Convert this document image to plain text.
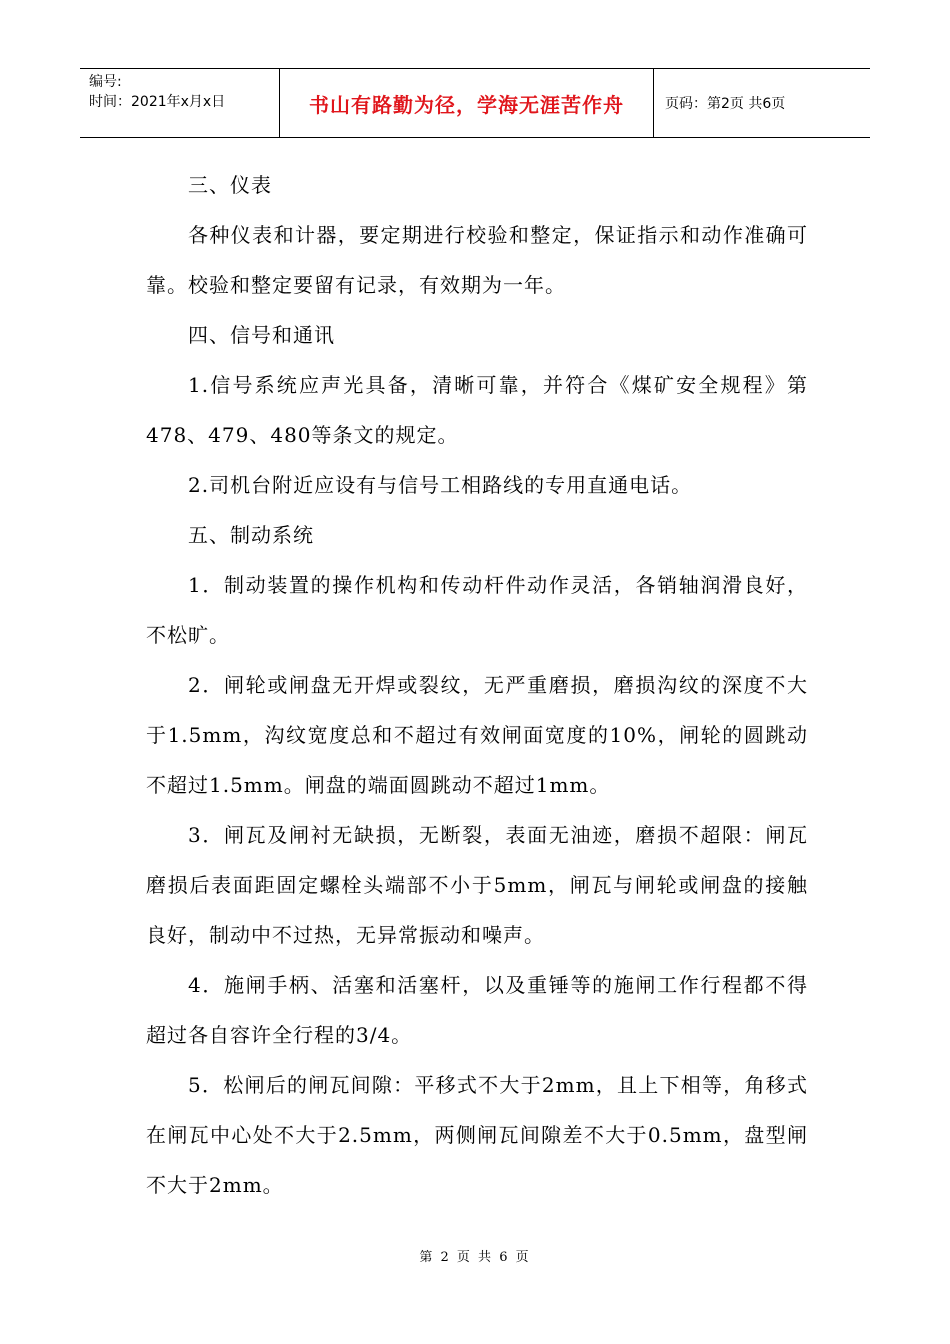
编号:
时间：2021年x月x日	书山有路勤为径，学海无涯苦作舟	页码：第2页 共6页

三、仪表

各种仪表和计器，要定期进行校验和整定，保证指示和动作准确可靠。校验和整定要留有记录，有效期为一年。

四、信号和通讯

1.信号系统应声光具备，清晰可靠，并符合《煤矿安全规程》第478、479、480等条文的规定。

2.司机台附近应设有与信号工相路线的专用直通电话。

五、制动系统

1．制动装置的操作机构和传动杆件动作灵活，各销轴润滑良好，不松旷。

2．闸轮或闸盘无开焊或裂纹，无严重磨损，磨损沟纹的深度不大于1.5mm，沟纹宽度总和不超过有效闸面宽度的10%，闸轮的圆跳动不超过1.5mm。闸盘的端面圆跳动不超过1mm。

3．闸瓦及闸衬无缺损，无断裂，表面无油迹，磨损不超限：闸瓦磨损后表面距固定螺栓头端部不小于5mm，闸瓦与闸轮或闸盘的接触良好，制动中不过热，无异常振动和噪声。

4．施闸手柄、活塞和活塞杆，以及重锤等的施闸工作行程都不得超过各自容许全行程的3/4。

5．松闸后的闸瓦间隙：平移式不大于2mm，且上下相等，角移式在闸瓦中心处不大于2.5mm，两侧闸瓦间隙差不大于0.5mm，盘型闸不大于2mm。

第 2 页 共 6 页
